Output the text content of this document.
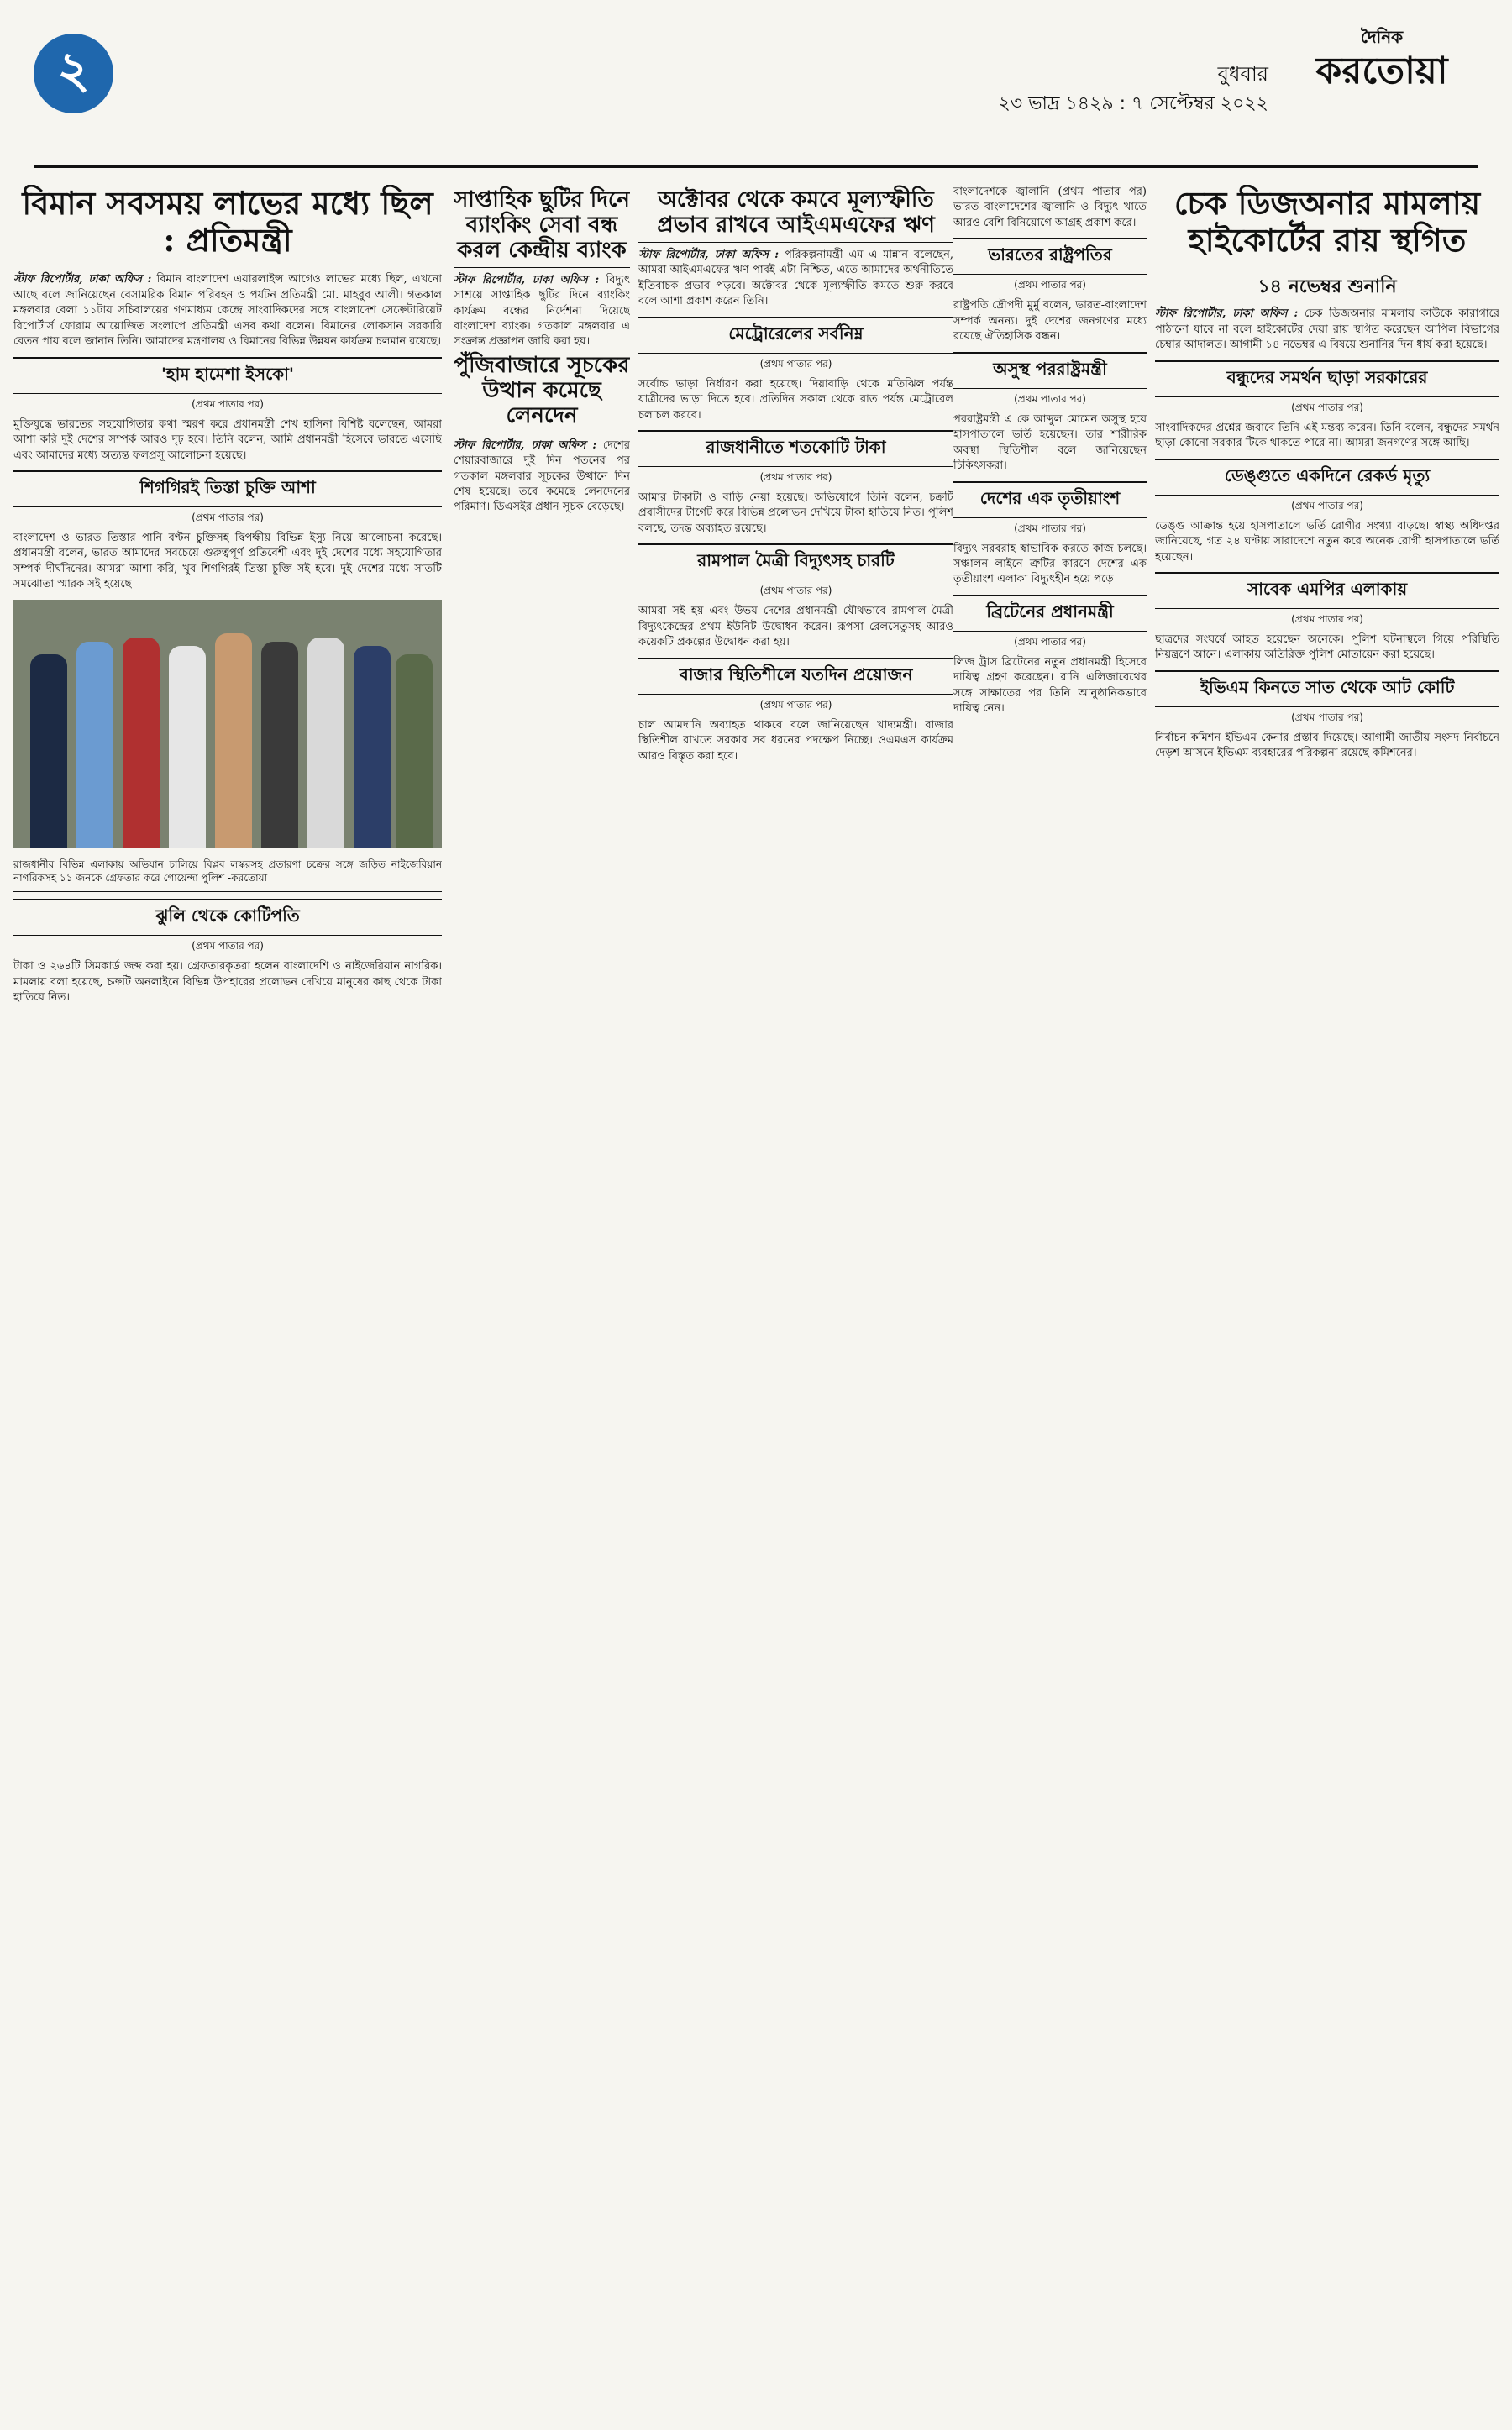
২	বুধবার
২৩ ভাদ্র ১৪২৯ : ৭ সেপ্টেম্বর ২০২২
দৈনিক
করতোয়া
বিমান সবসময় লাভের মধ্যে ছিল : প্রতিমন্ত্রী
স্টাফ রিপোর্টার, ঢাকা অফিস : বিমান বাংলাদেশ এয়ারলাইন্স আগেও লাভের মধ্যে ছিল, এখনো আছে বলে জানিয়েছেন বেসামরিক বিমান পরিবহন ও পর্যটন প্রতিমন্ত্রী মো. মাহবুব আলী। গতকাল মঙ্গলবার বেলা ১১টায় সচিবালয়ের গণমাধ্যম কেন্দ্রে সাংবাদিকদের সঙ্গে বাংলাদেশ সেক্রেটারিয়েট রিপোর্টার্স ফোরাম আয়োজিত সংলাপে প্রতিমন্ত্রী এসব কথা বলেন। বিমানের লোকসান সরকারি বেতন পায় বলে জানান তিনি। আমাদের মন্ত্রণালয় ও বিমানের বিভিন্ন উন্নয়ন কার্যক্রম চলমান রয়েছে।
'হাম হামেশা ইসকো'
(প্রথম পাতার পর)
মুক্তিযুদ্ধে ভারতের সহযোগিতার কথা স্মরণ করে প্রধানমন্ত্রী শেখ হাসিনা বিশিষ্ট বলেছেন, আমরা আশা করি দুই দেশের সম্পর্ক আরও দৃঢ় হবে। তিনি বলেন, আমি প্রধানমন্ত্রী হিসেবে ভারতে এসেছি এবং আমাদের মধ্যে অত্যন্ত ফলপ্রসূ আলোচনা হয়েছে।
শিগগিরই তিস্তা চুক্তি আশা
(প্রথম পাতার পর)
বাংলাদেশ ও ভারত তিস্তার পানি বণ্টন চুক্তিসহ দ্বিপক্ষীয় বিভিন্ন ইস্যু নিয়ে আলোচনা করেছে। প্রধানমন্ত্রী বলেন, ভারত আমাদের সবচেয়ে গুরুত্বপূর্ণ প্রতিবেশী এবং দুই দেশের মধ্যে সহযোগিতার সম্পর্ক দীর্ঘদিনের। আমরা আশা করি, খুব শিগগিরই তিস্তা চুক্তি সই হবে। দুই দেশের মধ্যে সাতটি সমঝোতা স্মারক সই হয়েছে।
রাজধানীর বিভিন্ন এলাকায় অভিযান চালিয়ে বিপ্লব লস্করসহ প্রতারণা চক্রের সঙ্গে জড়িত নাইজেরিয়ান নাগরিকসহ ১১ জনকে গ্রেফতার করে গোয়েন্দা পুলিশ -করতোয়া
ঝুলি থেকে কোটিপতি
(প্রথম পাতার পর)
টাকা ও ২৬৪টি সিমকার্ড জব্দ করা হয়। গ্রেফতারকৃতরা হলেন বাংলাদেশি ও নাইজেরিয়ান নাগরিক। মামলায় বলা হয়েছে, চক্রটি অনলাইনে বিভিন্ন উপহারের প্রলোভন দেখিয়ে মানুষের কাছ থেকে টাকা হাতিয়ে নিত।
সাপ্তাহিক ছুটির দিনে ব্যাংকিং সেবা বন্ধ করল কেন্দ্রীয় ব্যাংক
স্টাফ রিপোর্টার, ঢাকা অফিস : বিদ্যুৎ সাশ্রয়ে সাপ্তাহিক ছুটির দিনে ব্যাংকিং কার্যক্রম বন্ধের নির্দেশনা দিয়েছে বাংলাদেশ ব্যাংক। গতকাল মঙ্গলবার এ সংক্রান্ত প্রজ্ঞাপন জারি করা হয়।
পুঁজিবাজারে সূচকের উত্থান কমেছে লেনদেন
স্টাফ রিপোর্টার, ঢাকা অফিস : দেশের শেয়ারবাজারে দুই দিন পতনের পর গতকাল মঙ্গলবার সূচকের উত্থানে দিন শেষ হয়েছে। তবে কমেছে লেনদেনের পরিমাণ। ডিএসইর প্রধান সূচক বেড়েছে।
অক্টোবর থেকে কমবে মূল্যস্ফীতি প্রভাব রাখবে আইএমএফের ঋণ
স্টাফ রিপোর্টার, ঢাকা অফিস : পরিকল্পনামন্ত্রী এম এ মান্নান বলেছেন, আমরা আইএমএফের ঋণ পাবই এটা নিশ্চিত, এতে আমাদের অর্থনীতিতে ইতিবাচক প্রভাব পড়বে। অক্টোবর থেকে মূল্যস্ফীতি কমতে শুরু করবে বলে আশা প্রকাশ করেন তিনি।
মেট্রোরেলের সর্বনিম্ন
(প্রথম পাতার পর)
সর্বোচ্চ ভাড়া নির্ধারণ করা হয়েছে। দিয়াবাড়ি থেকে মতিঝিল পর্যন্ত যাত্রীদের ভাড়া দিতে হবে। প্রতিদিন সকাল থেকে রাত পর্যন্ত মেট্রোরেল চলাচল করবে।
রাজধানীতে শতকোটি টাকা
(প্রথম পাতার পর)
আমার টাকাটা ও বাড়ি নেয়া হয়েছে। অভিযোগে তিনি বলেন, চক্রটি প্রবাসীদের টার্গেট করে বিভিন্ন প্রলোভন দেখিয়ে টাকা হাতিয়ে নিত। পুলিশ বলছে, তদন্ত অব্যাহত রয়েছে।
রামপাল মৈত্রী বিদ্যুৎসহ চারটি
(প্রথম পাতার পর)
আমরা সই হয় এবং উভয় দেশের প্রধানমন্ত্রী যৌথভাবে রামপাল মৈত্রী বিদ্যুৎকেন্দ্রের প্রথম ইউনিট উদ্বোধন করেন। রূপসা রেলসেতুসহ আরও কয়েকটি প্রকল্পের উদ্বোধন করা হয়।
বাজার স্থিতিশীলে যতদিন প্রয়োজন
(প্রথম পাতার পর)
চাল আমদানি অব্যাহত থাকবে বলে জানিয়েছেন খাদ্যমন্ত্রী। বাজার স্থিতিশীল রাখতে সরকার সব ধরনের পদক্ষেপ নিচ্ছে। ওএমএস কার্যক্রম আরও বিস্তৃত করা হবে।
বাংলাদেশকে জ্বালানি (প্রথম পাতার পর) ভারত বাংলাদেশের জ্বালানি ও বিদ্যুৎ খাতে আরও বেশি বিনিয়োগে আগ্রহ প্রকাশ করে।
ভারতের রাষ্ট্রপতির
(প্রথম পাতার পর)
রাষ্ট্রপতি দ্রৌপদী মুর্মু বলেন, ভারত-বাংলাদেশ সম্পর্ক অনন্য। দুই দেশের জনগণের মধ্যে রয়েছে ঐতিহাসিক বন্ধন।
অসুস্থ পররাষ্ট্রমন্ত্রী
(প্রথম পাতার পর)
পররাষ্ট্রমন্ত্রী এ কে আব্দুল মোমেন অসুস্থ হয়ে হাসপাতালে ভর্তি হয়েছেন। তার শারীরিক অবস্থা স্থিতিশীল বলে জানিয়েছেন চিকিৎসকরা।
দেশের এক তৃতীয়াংশ
(প্রথম পাতার পর)
বিদ্যুৎ সরবরাহ স্বাভাবিক করতে কাজ চলছে। সঞ্চালন লাইনে ত্রুটির কারণে দেশের এক তৃতীয়াংশ এলাকা বিদ্যুৎহীন হয়ে পড়ে।
ব্রিটেনের প্রধানমন্ত্রী
(প্রথম পাতার পর)
লিজ ট্রাস ব্রিটেনের নতুন প্রধানমন্ত্রী হিসেবে দায়িত্ব গ্রহণ করেছেন। রানি এলিজাবেথের সঙ্গে সাক্ষাতের পর তিনি আনুষ্ঠানিকভাবে দায়িত্ব নেন।
চেক ডিজঅনার মামলায় হাইকোর্টের রায় স্থগিত
১৪ নভেম্বর শুনানি
স্টাফ রিপোর্টার, ঢাকা অফিস : চেক ডিজঅনার মামলায় কাউকে কারাগারে পাঠানো যাবে না বলে হাইকোর্টের দেয়া রায় স্থগিত করেছেন আপিল বিভাগের চেম্বার আদালত। আগামী ১৪ নভেম্বর এ বিষয়ে শুনানির দিন ধার্য করা হয়েছে।
বন্ধুদের সমর্থন ছাড়া সরকারের
(প্রথম পাতার পর)
সাংবাদিকদের প্রশ্নের জবাবে তিনি এই মন্তব্য করেন। তিনি বলেন, বন্ধুদের সমর্থন ছাড়া কোনো সরকার টিকে থাকতে পারে না। আমরা জনগণের সঙ্গে আছি।
ডেঙ্গুতে একদিনে রেকর্ড মৃত্যু
(প্রথম পাতার পর)
ডেঙ্গু আক্রান্ত হয়ে হাসপাতালে ভর্তি রোগীর সংখ্যা বাড়ছে। স্বাস্থ্য অধিদপ্তর জানিয়েছে, গত ২৪ ঘণ্টায় সারাদেশে নতুন করে অনেক রোগী হাসপাতালে ভর্তি হয়েছেন।
সাবেক এমপির এলাকায়
(প্রথম পাতার পর)
ছাত্রদের সংঘর্ষে আহত হয়েছেন অনেকে। পুলিশ ঘটনাস্থলে গিয়ে পরিস্থিতি নিয়ন্ত্রণে আনে। এলাকায় অতিরিক্ত পুলিশ মোতায়েন করা হয়েছে।
ইভিএম কিনতে সাত থেকে আট কোটি
(প্রথম পাতার পর)
নির্বাচন কমিশন ইভিএম কেনার প্রস্তাব দিয়েছে। আগামী জাতীয় সংসদ নির্বাচনে দেড়শ আসনে ইভিএম ব্যবহারের পরিকল্পনা রয়েছে কমিশনের।
